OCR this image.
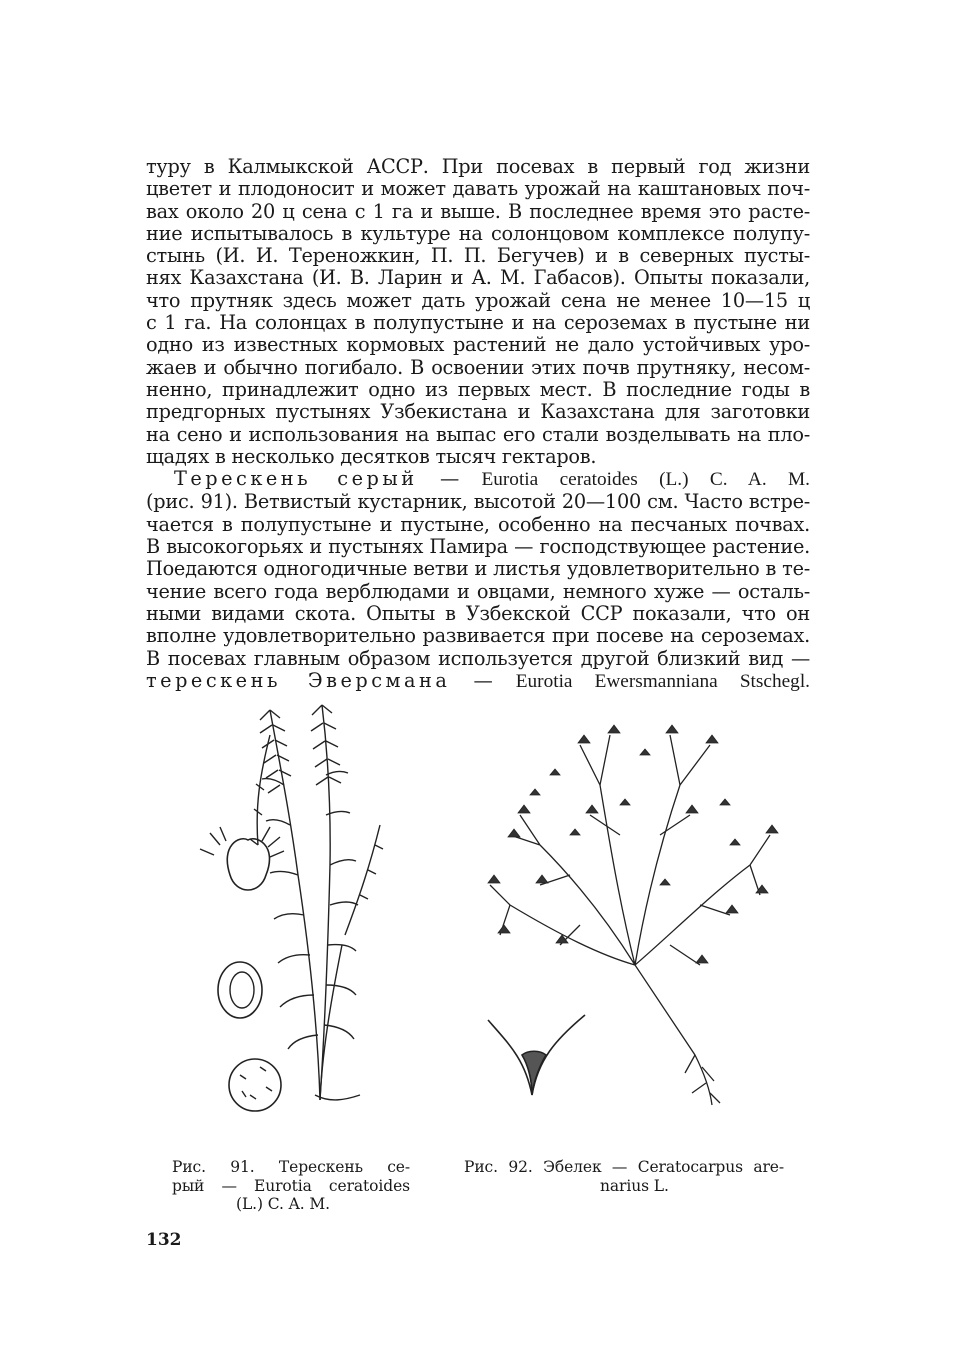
туру в Калмыкской АССР. При посевах в первый год жизни
цветет и плодоносит и может давать урожай на каштановых поч-
вах около 20 ц сена с 1 га и выше. В последнее время это расте-
ние испытывалось в культуре на солонцовом комплексе полупу-
стынь (И. И. Тереножкин, П. П. Бегучев) и в северных пусты-
нях Казахстана (И. В. Ларин и А. М. Габасов). Опыты показали,
что прутняк здесь может дать урожай сена не менее 10—15 ц
с 1 га. На солонцах в полупустыне и на сероземах в пустыне ни
одно из известных кормовых растений не дало устойчивых уро-
жаев и обычно погибало. В освоении этих почв прутняку, несом-
ненно, принадлежит одно из первых мест. В последние годы в
предгорных пустынях Узбекистана и Казахстана для заготовки
на сено и использования на выпас его стали возделывать на пло-
щадях в несколько десятков тысяч гектаров.
Терескень серый — Eurotia ceratoides (L.) C. A. M.
(рис. 91). Ветвистый кустарник, высотой 20—100 см. Часто встре-
чается в полупустыне и пустыне, особенно на песчаных почвах.
В высокогорьях и пустынях Памира — господствующее растение.
Поедаются одногодичные ветви и листья удовлетворительно в те-
чение всего года верблюдами и овцами, немного хуже — осталь-
ными видами скота. Опыты в Узбекской ССР показали, что он
вполне удовлетворительно развивается при посеве на сероземах.
В посевах главным образом используется другой близкий вид —
терескень Эверсмана — Eurotia Ewersmanniana Stschegl.
Рис. 91. Терескень се-
рый — Eurotia ceratoides
(L.) C. A. M.
Рис. 92. Эбелек — Ceratocarpus are-
narius L.
132
